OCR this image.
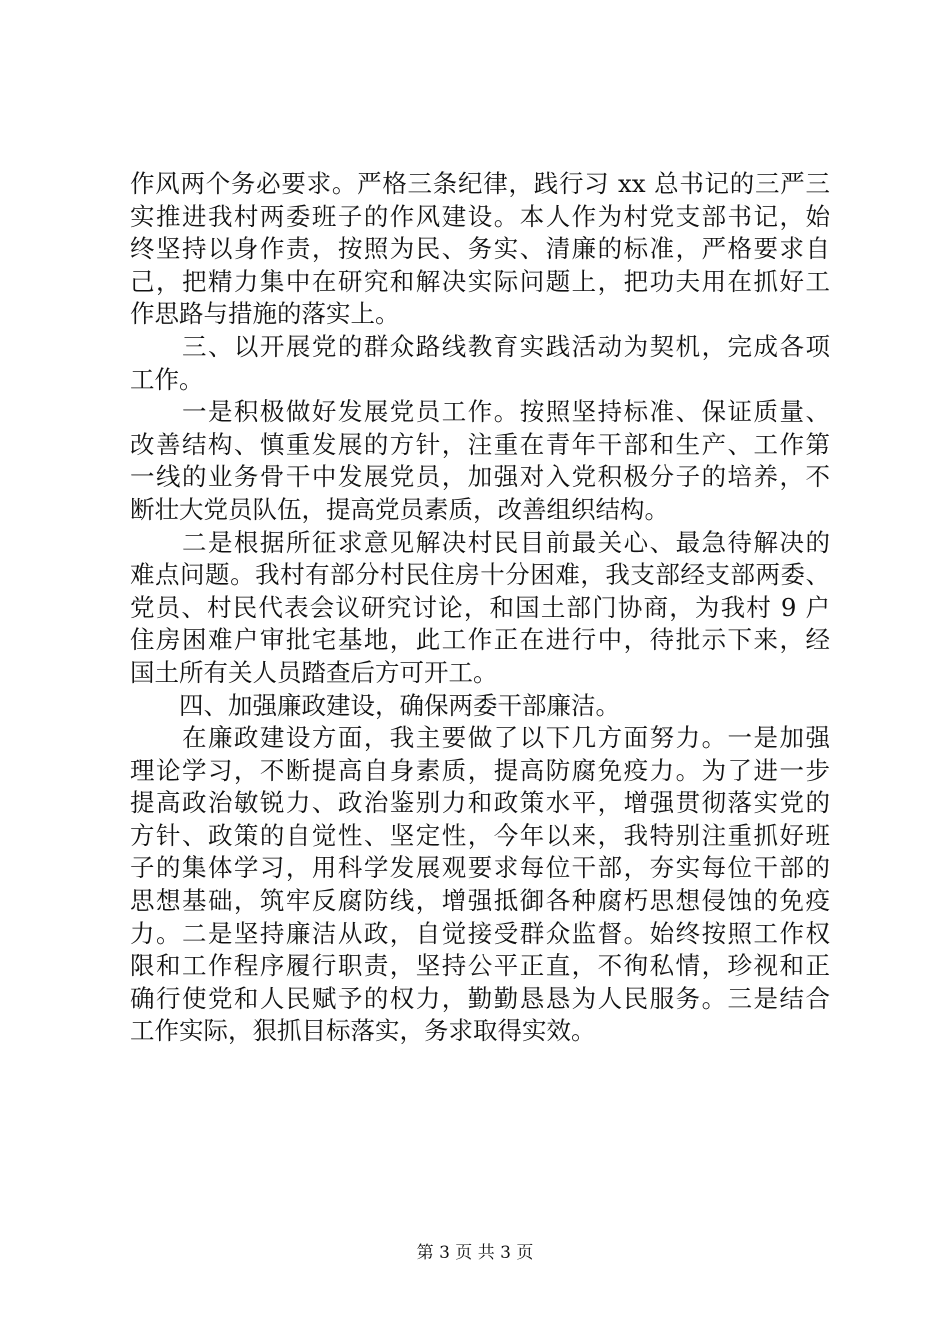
作风两个务必要求。严格三条纪律，践行习 xx 总书记的三严三
实推进我村两委班子的作风建设。本人作为村党支部书记，始
终坚持以身作责，按照为民、务实、清廉的标准，严格要求自
己，把精力集中在研究和解决实际问题上，把功夫用在抓好工
作思路与措施的落实上。
　　三、以开展党的群众路线教育实践活动为契机，完成各项
工作。
　　一是积极做好发展党员工作。按照坚持标准、保证质量、
改善结构、慎重发展的方针，注重在青年干部和生产、工作第
一线的业务骨干中发展党员，加强对入党积极分子的培养，不
断壮大党员队伍，提高党员素质，改善组织结构。
　　二是根据所征求意见解决村民目前最关心、最急待解决的
难点问题。我村有部分村民住房十分困难，我支部经支部两委、
党员、村民代表会议研究讨论，和国土部门协商，为我村 9 户
住房困难户审批宅基地，此工作正在进行中，待批示下来，经
国土所有关人员踏查后方可开工。
　　四、加强廉政建设，确保两委干部廉洁。
　　在廉政建设方面，我主要做了以下几方面努力。一是加强
理论学习，不断提高自身素质，提高防腐免疫力。为了进一步
提高政治敏锐力、政治鉴别力和政策水平，增强贯彻落实党的
方针、政策的自觉性、坚定性，今年以来，我特别注重抓好班
子的集体学习，用科学发展观要求每位干部，夯实每位干部的
思想基础，筑牢反腐防线，增强抵御各种腐朽思想侵蚀的免疫
力。二是坚持廉洁从政，自觉接受群众监督。始终按照工作权
限和工作程序履行职责，坚持公平正直，不徇私情，珍视和正
确行使党和人民赋予的权力，勤勤恳恳为人民服务。三是结合
工作实际，狠抓目标落实，务求取得实效。
第 3 页 共 3 页
